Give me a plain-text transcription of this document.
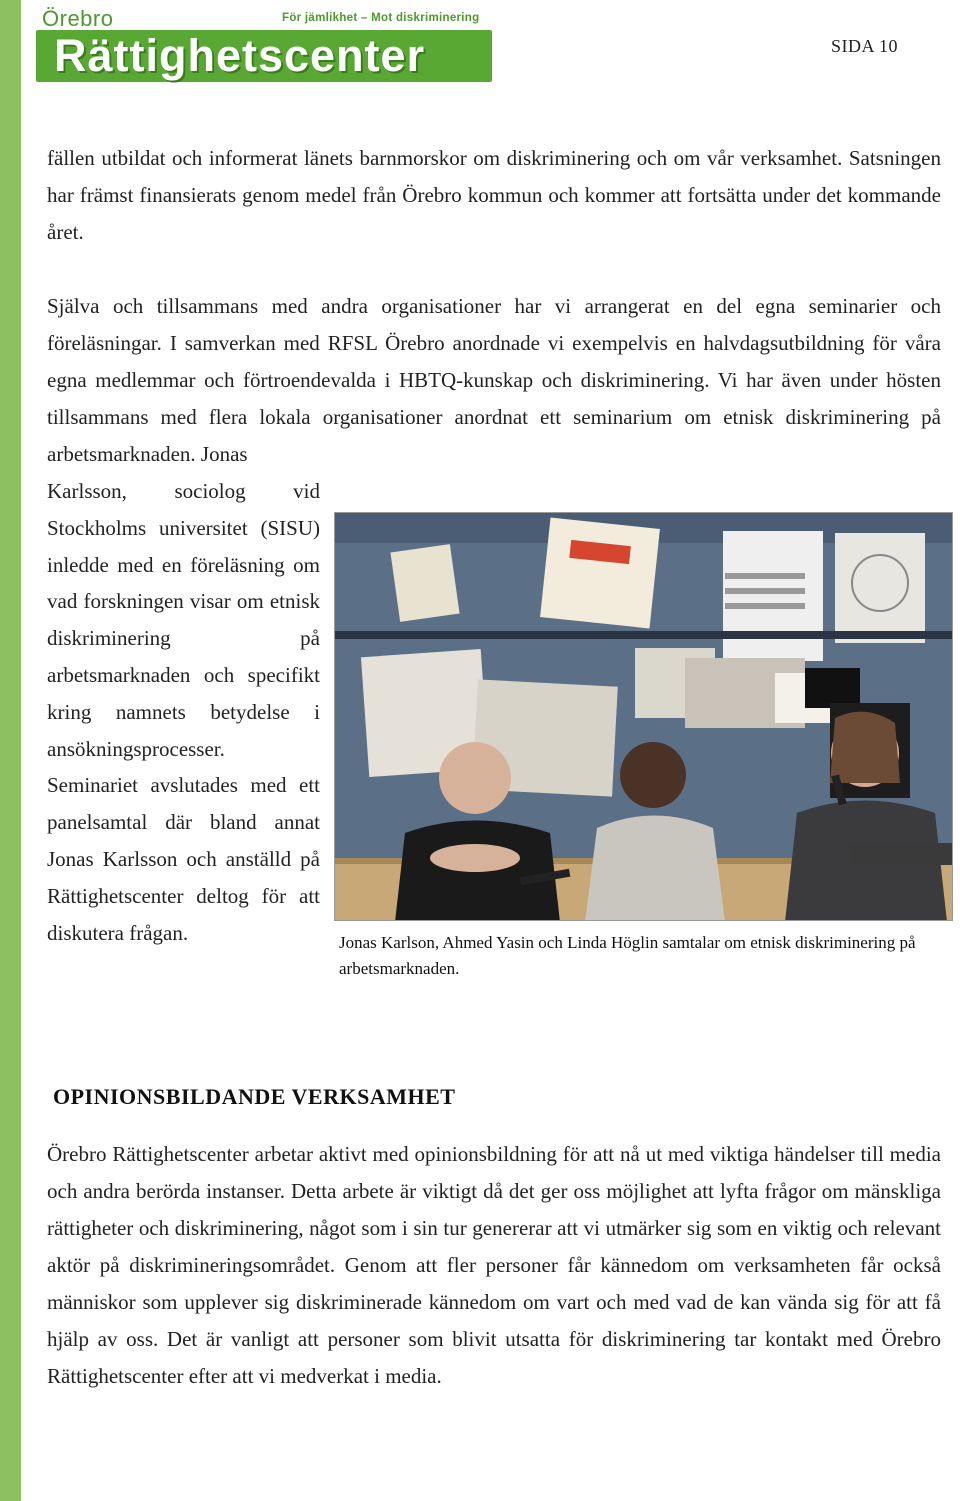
Örebro	För jämlikhet – Mot diskriminering
Rättighetscenter	SIDA 10

fällen utbildat och informerat länets barnmorskor om diskriminering och om vår verksamhet. Satsningen har främst finansierats genom medel från Örebro kommun och kommer att fortsätta under det kommande året.

Själva och tillsammans med andra organisationer har vi arrangerat en del egna seminarier och föreläsningar. I samverkan med RFSL Örebro anordnade vi exempelvis en halvdagsutbildning för våra egna medlemmar och förtroendevalda i HBTQ-kunskap och diskriminering. Vi har även under hösten tillsammans med flera lokala organisationer anordnat ett seminarium om etnisk diskriminering på arbetsmarknaden. Jonas

Karlsson, sociolog vid Stockholms universitet (SISU) inledde med en föreläsning om vad forskningen visar om etnisk diskriminering på arbetsmarknaden och specifikt kring namnets betydelse i ansökningsprocesser. Seminariet avslutades med ett panelsamtal där bland annat Jonas Karlsson och anställd på Rättighetscenter deltog för att diskutera frågan.	Jonas Karlson, Ahmed Yasin och Linda Höglin samtalar om etnisk diskriminering på arbetsmarknaden.

OPINIONSBILDANDE VERKSAMHET

Örebro Rättighetscenter arbetar aktivt med opinionsbildning för att nå ut med viktiga händelser till media och andra berörda instanser. Detta arbete är viktigt då det ger oss möjlighet att lyfta frågor om mänskliga rättigheter och diskriminering, något som i sin tur genererar att vi utmärker sig som en viktig och relevant aktör på diskrimineringsområdet. Genom att fler personer får kännedom om verksamheten får också människor som upplever sig diskriminerade kännedom om vart och med vad de kan vända sig för att få hjälp av oss. Det är vanligt att personer som blivit utsatta för diskriminering tar kontakt med Örebro Rättighetscenter efter att vi medverkat i media.
